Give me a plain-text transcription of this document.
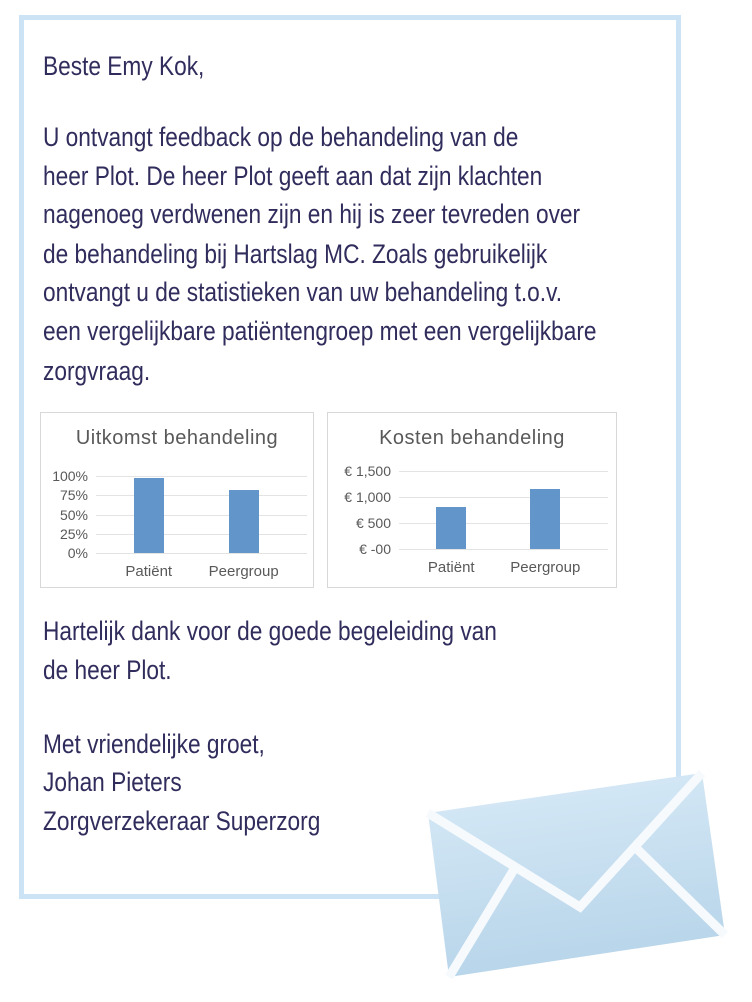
Beste Emy Kok,
U ontvangt feedback op de behandeling van de
heer Plot. De heer Plot geeft aan dat zijn klachten
nagenoeg verdwenen zijn en hij is zeer tevreden over
de behandeling bij Hartslag MC. Zoals gebruikelijk
ontvangt u de statistieken van uw behandeling t.o.v.
een vergelijkbare patiëntengroep met een vergelijkbare
zorgvraag.
Uitkomst behandeling
100%
75%
50%
25%
0%
Patiënt Peergroup
Kosten behandeling
€ 1,500
€ 1,000
€ 500
€ -00
Patiënt Peergroup
Hartelijk dank voor de goede begeleiding van
de heer Plot.
Met vriendelijke groet,
Johan Pieters
Zorgverzekeraar Superzorg
